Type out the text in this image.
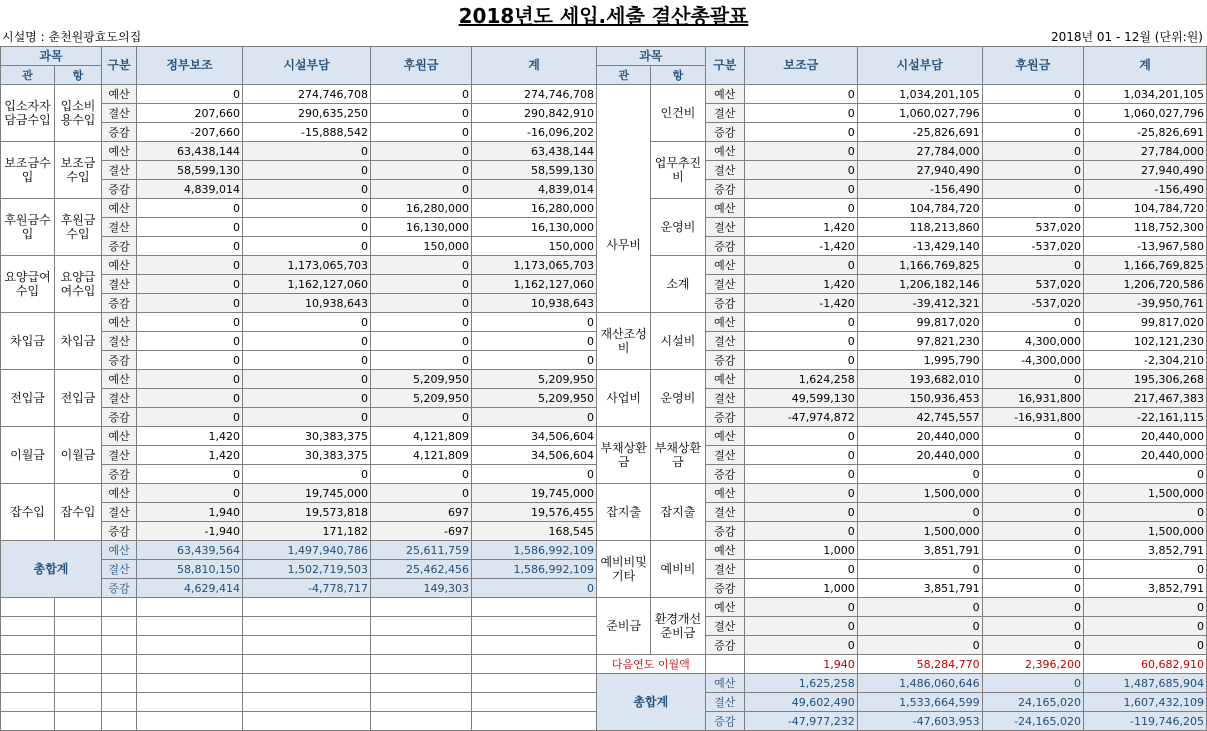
2018년도 세입.세출 결산총괄표
시설명 : 춘천원광효도의집	2018년 01 - 12월 (단위:원)
과목		구분	정부보조	시설부담	후원금	계
관	항					
입소자자담금수입	입소비용수입	예산	0	274,746,708	0	274,746,708
		결산	207,660	290,635,250	0	290,842,910
		증감	-207,660	-15,888,542	0	-16,096,202
보조금수입	보조금수입	예산	63,438,144	0	0	63,438,144
		결산	58,599,130	0	0	58,599,130
		증감	4,839,014	0	0	4,839,014
후원금수입	후원금수입	예산	0	0	16,280,000	16,280,000
		결산	0	0	16,130,000	16,130,000
		증감	0	0	150,000	150,000
요양급여수입	요양급여수입	예산	0	1,173,065,703	0	1,173,065,703
		결산	0	1,162,127,060	0	1,162,127,060
		증감	0	10,938,643	0	10,938,643
차입금	차입금	예산	0	0	0	0
		결산	0	0	0	0
		증감	0	0	0	0
전입금	전입금	예산	0	0	5,209,950	5,209,950
		결산	0	0	5,209,950	5,209,950
		증감	0	0	0	0
이월금	이월금	예산	1,420	30,383,375	4,121,809	34,506,604
		결산	1,420	30,383,375	4,121,809	34,506,604
		증감	0	0	0	0
잡수입	잡수입	예산	0	19,745,000	0	19,745,000
		결산	1,940	19,573,818	697	19,576,455
		증감	-1,940	171,182	-697	168,545
총합계		예산	63,439,564	1,497,940,786	25,611,759	1,586,992,109
		결산	58,810,150	1,502,719,503	25,462,456	1,586,992,109
		증감	4,629,414	-4,778,717	149,303	0

과목		구분	보조금	시설부담	후원금	계
관	항					
사무비	인건비	예산	0	1,034,201,105	0	1,034,201,105
		결산	0	1,060,027,796	0	1,060,027,796
		증감	0	-25,826,691	0	-25,826,691
	업무추진비	예산	0	27,784,000	0	27,784,000
		결산	0	27,940,490	0	27,940,490
		증감	0	-156,490	0	-156,490
	운영비	예산	0	104,784,720	0	104,784,720
		결산	1,420	118,213,860	537,020	118,752,300
		증감	-1,420	-13,429,140	-537,020	-13,967,580
	소계	예산	0	1,166,769,825	0	1,166,769,825
		결산	1,420	1,206,182,146	537,020	1,206,720,586
		증감	-1,420	-39,412,321	-537,020	-39,950,761
재산조성비	시설비	예산	0	99,817,020	0	99,817,020
		결산	0	97,821,230	4,300,000	102,121,230
		증감	0	1,995,790	-4,300,000	-2,304,210
사업비	운영비	예산	1,624,258	193,682,010	0	195,306,268
		결산	49,599,130	150,936,453	16,931,800	217,467,383
		증감	-47,974,872	42,745,557	-16,931,800	-22,161,115
부채상환금	부채상환금	예산	0	20,440,000	0	20,440,000
		결산	0	20,440,000	0	20,440,000
		증감	0	0	0	0
잡지출	잡지출	예산	0	1,500,000	0	1,500,000
		결산	0	0	0	0
		증감	0	1,500,000	0	1,500,000
예비비및기타	예비비	예산	1,000	3,851,791	0	3,852,791
		결산	0	0	0	0
		증감	1,000	3,851,791	0	3,852,791
준비금	환경개선준비금	예산	0	0	0	0
		결산	0	0	0	0
		증감	0	0	0	0
다음연도 이월액			1,940	58,284,770	2,396,200	60,682,910
총합계		예산	1,625,258	1,486,060,646	0	1,487,685,904
		결산	49,602,490	1,533,664,599	24,165,020	1,607,432,109
		증감	-47,977,232	-47,603,953	-24,165,020	-119,746,205
